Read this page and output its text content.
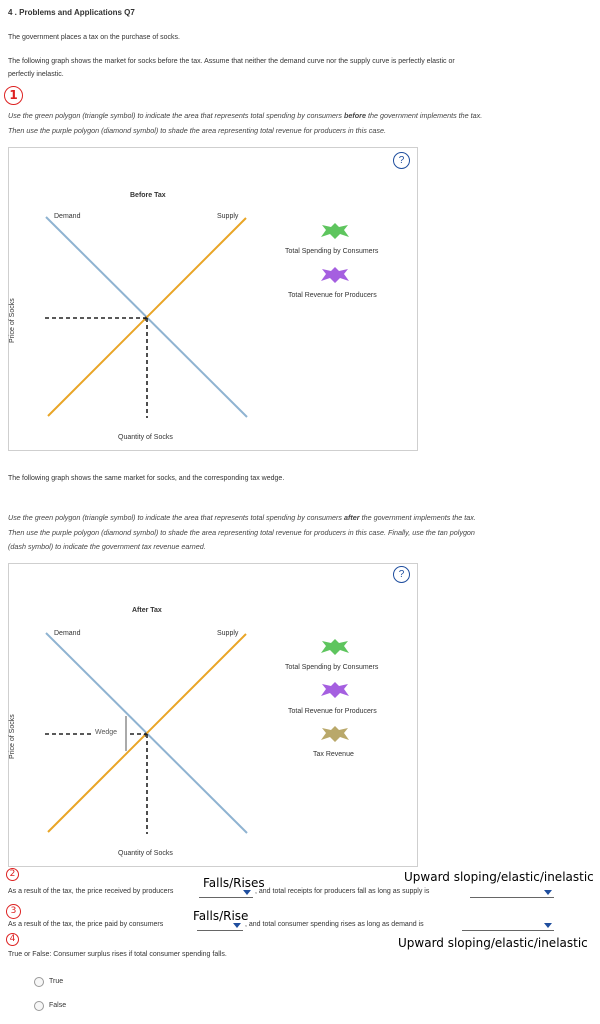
4 . Problems and Applications Q7
The government places a tax on the purchase of socks.
The following graph shows the market for socks before the tax. Assume that neither the demand curve nor the supply curve is perfectly elastic or
perfectly inelastic.
1
Use the green polygon (triangle symbol) to indicate the area that represents total spending by consumers before the government implements the tax.
Then use the purple polygon (diamond symbol) to shade the area representing total revenue for producers in this case.
?
+
Before Tax
Demand	Supply
Price of Socks
Quantity of Socks
Total Spending by Consumers
Total Revenue for Producers
The following graph shows the same market for socks, and the corresponding tax wedge.
Use the green polygon (triangle symbol) to indicate the area that represents total spending by consumers after the government implements the tax.
Then use the purple polygon (diamond symbol) to shade the area representing total revenue for producers in this case. Finally, use the tan polygon
(dash symbol) to indicate the government tax revenue earned.
?
+
Wedge
After Tax
Demand	Supply
Price of Socks
Quantity of Socks
Total Spending by Consumers
Total Revenue for Producers
Tax Revenue
2
Falls/Rises	Upward sloping/elastic/inelastic
As a result of the tax, the price received by producers	, and total receipts for producers fall as long as supply is
3	Falls/Rise
As a result of the tax, the price paid by consumers	, and total consumer spending rises as long as demand is
4	Upward sloping/elastic/inelastic
True or False: Consumer surplus rises if total consumer spending falls.
True
False
